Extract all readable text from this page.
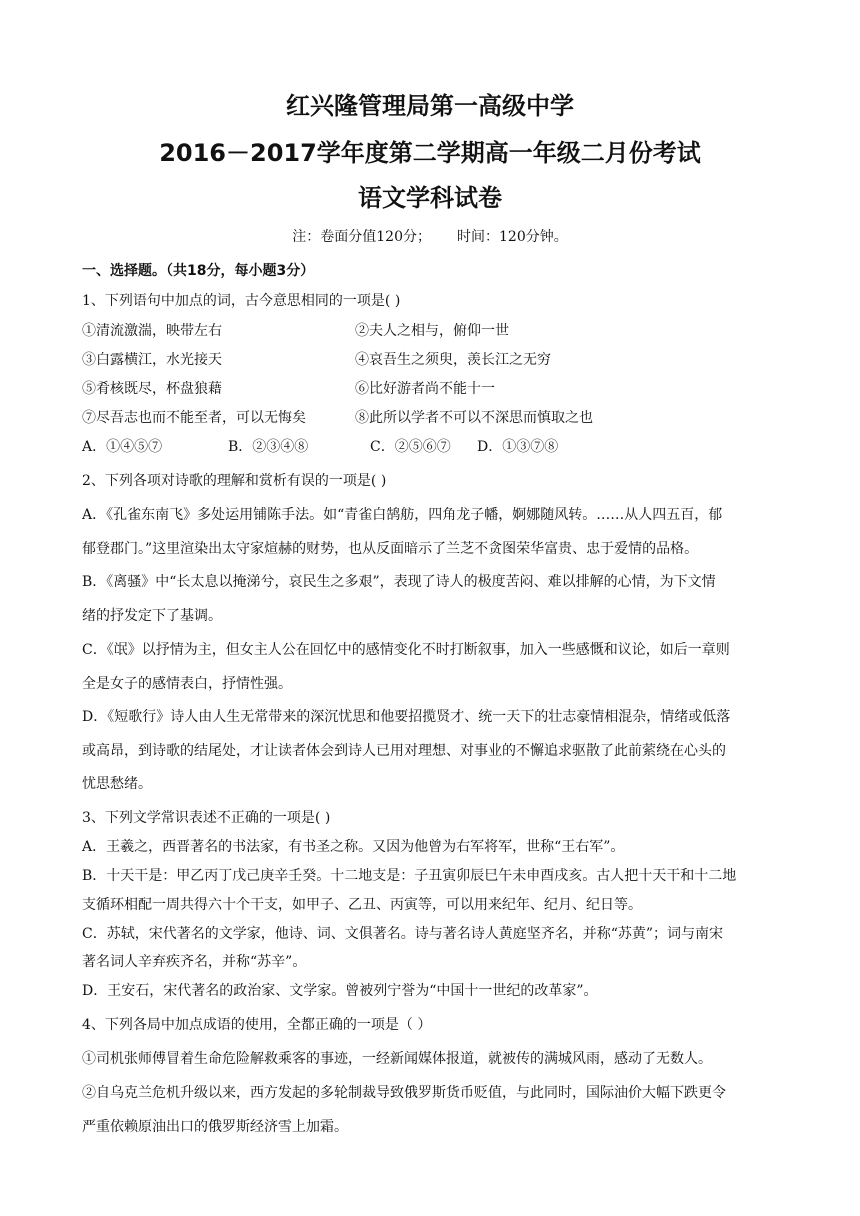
红兴隆管理局第一高级中学
2016－2017学年度第二学期高一年级二月份考试
语文学科试卷
注：卷面分值120分； 时间：120分钟。
一、选择题。（共18分，每小题3分）
1、下列语句中加点的词，古今意思相同的一项是( )
①清流激湍，映带左右	②夫人之相与，俯仰一世
③白露横江，水光接天	④哀吾生之须臾，羡长江之无穷
⑤肴核既尽，杯盘狼藉	⑥比好游者尚不能十一
⑦尽吾志也而不能至者，可以无悔矣	⑧此所以学者不可以不深思而慎取之也
A．①④⑤⑦	B．②③④⑧	C．②⑤⑥⑦ D．①③⑦⑧
2、下列各项对诗歌的理解和赏析有误的一项是( )
A．《孔雀东南飞》多处运用铺陈手法。如“青雀白鹄舫，四角龙子幡，婀娜随风转。……从人四五百，郁
郁登郡门。”这里渲染出太守家煊赫的财势，也从反面暗示了兰芝不贪图荣华富贵、忠于爱情的品格。
B．《离骚》中“长太息以掩涕兮，哀民生之多艰”，表现了诗人的极度苦闷、难以排解的心情，为下文情
绪的抒发定下了基调。
C．《氓》以抒情为主，但女主人公在回忆中的感情变化不时打断叙事，加入一些感慨和议论，如后一章则
全是女子的感情表白，抒情性强。
D．《短歌行》诗人由人生无常带来的深沉忧思和他要招揽贤才、统一天下的壮志豪情相混杂，情绪或低落
或高昂，到诗歌的结尾处，才让读者体会到诗人已用对理想、对事业的不懈追求驱散了此前萦绕在心头的
忧思愁绪。
3、下列文学常识表述不正确的一项是( )
A．王羲之，西晋著名的书法家，有书圣之称。又因为他曾为右军将军，世称“王右军”。
B．十天干是：甲乙丙丁戊己庚辛壬癸。十二地支是：子丑寅卯辰巳午未申酉戌亥。古人把十天干和十二地
支循环相配一周共得六十个干支，如甲子、乙丑、丙寅等，可以用来纪年、纪月、纪日等。
C．苏轼，宋代著名的文学家，他诗、词、文俱著名。诗与著名诗人黄庭坚齐名，并称“苏黄”；词与南宋
著名词人辛弃疾齐名，并称“苏辛”。
D．王安石，宋代著名的政治家、文学家。曾被列宁誉为“中国十一世纪的改革家”。
4、下列各局中加点成语的使用，全都正确的一项是（ ）
①司机张师傅冒着生命危险解救乘客的事迹，一经新闻媒体报道，就被传的满城风雨，感动了无数人。
②自乌克兰危机升级以来，西方发起的多轮制裁导致俄罗斯货币贬值，与此同时，国际油价大幅下跌更令
严重依赖原油出口的俄罗斯经济雪上加霜。
